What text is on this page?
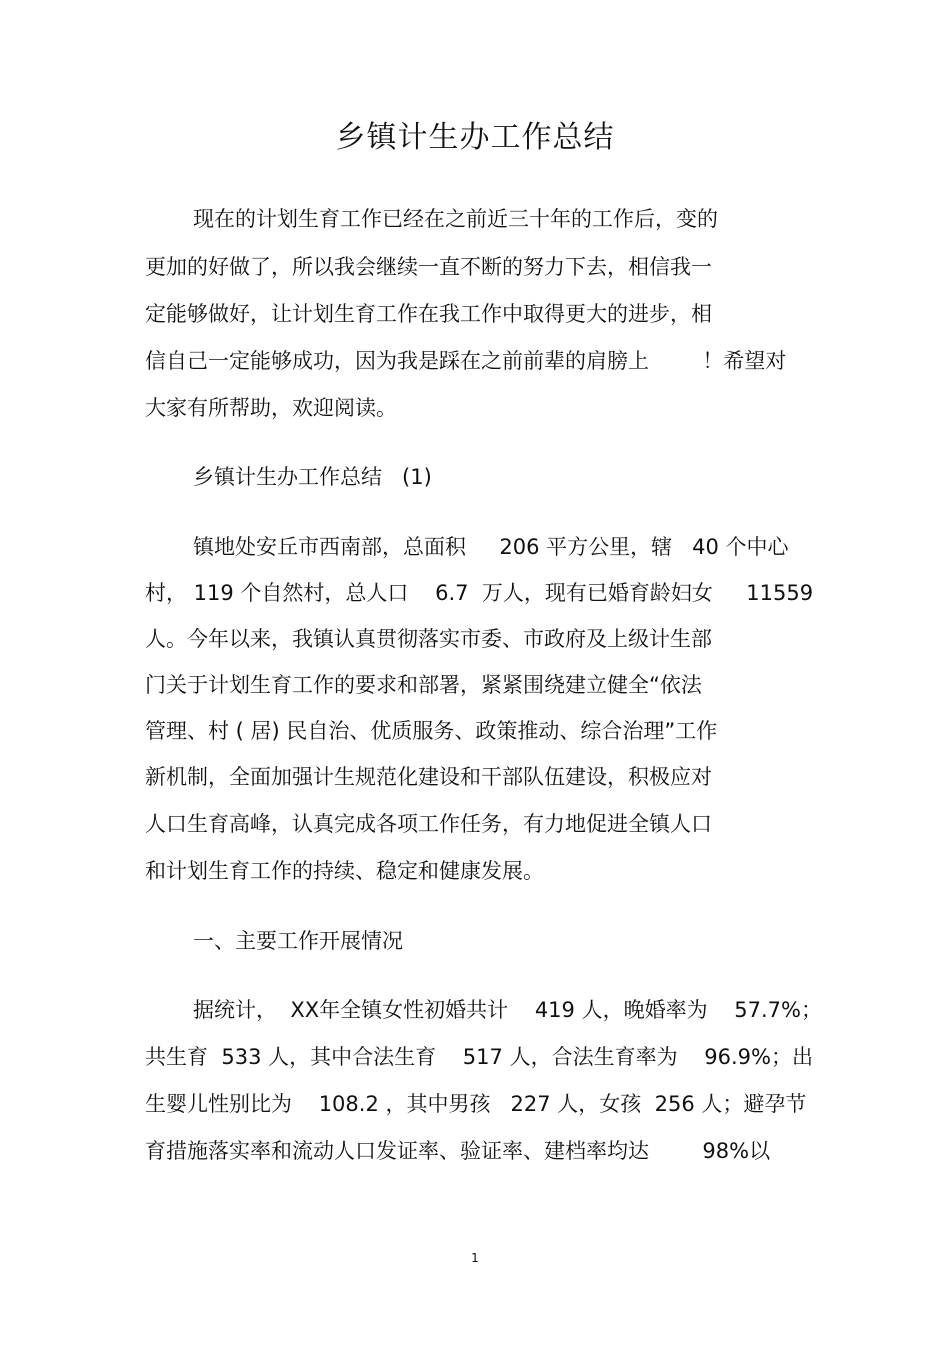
乡镇计生办工作总结
现在的计划生育工作已经在之前近三十年的工作后，变的
更加的好做了，所以我会继续一直不断的努力下去，相信我一
定能够做好，让计划生育工作在我工作中取得更大的进步，相
信自己一定能够成功，因为我是踩在之前前辈的肩膀上        ！希望对
大家有所帮助，欢迎阅读。
乡镇计生办工作总结   (1)
镇地处安丘市西南部，总面积     206 平方公里，辖   40 个中心
村， 119 个自然村，总人口    6.7  万人，现有已婚育龄妇女     11559
人。今年以来，我镇认真贯彻落实市委、市政府及上级计生部
门关于计划生育工作的要求和部署，紧紧围绕建立健全“依法
管理、村 ( 居) 民自治、优质服务、政策推动、综合治理”工作
新机制，全面加强计生规范化建设和干部队伍建设，积极应对
人口生育高峰，认真完成各项工作任务，有力地促进全镇人口
和计划生育工作的持续、稳定和健康发展。
一、主要工作开展情况
据统计，  XX年全镇女性初婚共计    419 人，晚婚率为    57.7%；
共生育  533 人，其中合法生育    517 人，合法生育率为    96.9%；出
生婴儿性别比为    108.2 ，其中男孩   227 人，女孩  256 人；避孕节
育措施落实率和流动人口发证率、验证率、建档率均达        98%以
1
